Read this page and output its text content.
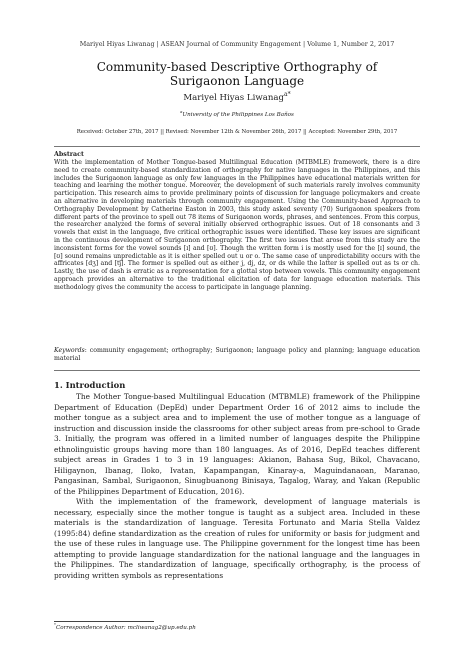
Mariyel Hiyas Liwanag | ASEAN Journal of Community Engagement | Volume 1, Number 2, 2017
Community-based Descriptive Orthography of Surigaonon Language
Mariyel Hiyas Liwanag$^{a*}$
$^a$University of the Philippines Los Baños
Received: October 27th, 2017 || Revised: November 12th & November 26th, 2017 || Accepted: November 29th, 2017
Abstract
With the implementation of Mother Tongue-based Multilingual Education (MTBMLE) framework, there is a dire need to create community-based standardization of orthography for native languages in the Philippines, and this includes the Surigaonon language as only few languages in the Philippines have educational materials written for teaching and learning the mother tongue. Moreover, the development of such materials rarely involves community participation. This research aims to provide preliminary points of discussion for language policymakers and create an alternative in developing materials through community engagement. Using the Community-based Approach to Orthography Development by Catherine Easton in 2003, this study asked seventy (70) Surigaonon speakers from different parts of the province to spell out 78 items of Surigaonon words, phrases, and sentences. From this corpus, the researcher analyzed the forms of several initially observed orthographic issues. Out of 18 consonants and 3 vowels that exist in the language, five critical orthographic issues were identified. These key issues are significant in the continuous development of Surigaonon orthography. The first two issues that arose from this study are the inconsistent forms for the vowel sounds [ɪ] and [ʊ]. Though the written form i is mostly used for the [ɪ] sound, the [ʊ] sound remains unpredictable as it is either spelled out u or o. The same case of unpredictability occurs with the affricates [dʒ] and [tʃ]. The former is spelled out as either j, dj, dz, or ds while the latter is spelled out as ts or ch. Lastly, the use of dash is erratic as a representation for a glottal stop between vowels. This community engagement approach provides an alternative to the traditional elicitation of data for language education materials. This methodology gives the community the access to participate in language planning.
Keywords: community engagement; orthography; Surigaonon; language policy and planning; language education material
1. Introduction

The Mother Tongue-based Multilingual Education (MTBMLE) framework of the Philippine Department of Education (DepEd) under Department Order 16 of 2012 aims to include the mother tongue as a subject area and to implement the use of mother tongue as a language of instruction and discussion inside the classrooms for other subject areas from pre-school to Grade 3. Initially, the program was offered in a limited number of languages despite the Philippine ethnolinguistic groups having more than 180 languages. As of 2016, DepEd teaches different subject areas in Grades 1 to 3 in 19 languages: Akianon, Bahasa Sug, Bikol, Chavacano, Hiligaynon, Ibanag, Iloko, Ivatan, Kapampangan, Kinaray-a, Maguindanaoan, Maranao, Pangasinan, Sambal, Surigaonon, Sinugbuanong Binisaya, Tagalog, Waray, and Yakan (Republic of the Philippines Department of Education, 2016).

With the implementation of the framework, development of language materials is necessary, especially since the mother tongue is taught as a subject area. Included in these materials is the standardization of language. Teresita Fortunato and Maria Stella Valdez (1995:84) define standardization as the creation of rules for uniformity or basis for judgment and the use of these rules in language use. The Philippine government for the longest time has been attempting to provide language standardization for the national language and the languages in the Philippines. The standardization of language, specifically orthography, is the process of providing written symbols as representations

*Correspondence Author: mcliwanag2@up.edu.ph
